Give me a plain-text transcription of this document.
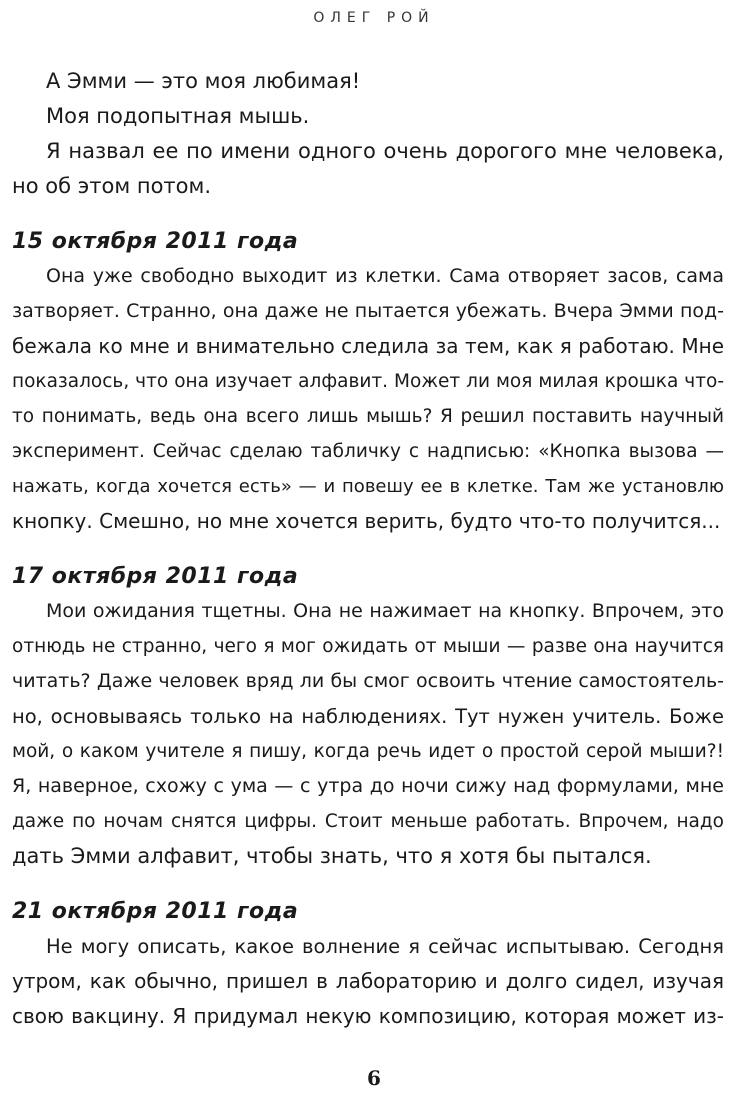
ОЛЕГ РОЙ
А Эмми — это моя любимая!
Моя подопытная мышь.
Я назвал ее по имени одного очень дорогого мне человека,
но об этом потом.
15 октября 2011 года
Она уже свободно выходит из клетки. Сама отворяет засов, сама
затворяет. Странно, она даже не пытается убежать. Вчера Эмми под-
бежала ко мне и внимательно следила за тем, как я работаю. Мне
показалось, что она изучает алфавит. Может ли моя милая крошка что-
то понимать, ведь она всего лишь мышь? Я решил поставить научный
эксперимент. Сейчас сделаю табличку с надписью: «Кнопка вызова —
нажать, когда хочется есть» — и повешу ее в клетке. Там же установлю
кнопку. Смешно, но мне хочется верить, будто что-то получится...
17 октября 2011 года
Мои ожидания тщетны. Она не нажимает на кнопку. Впрочем, это
отнюдь не странно, чего я мог ожидать от мыши — разве она научится
читать? Даже человек вряд ли бы смог освоить чтение самостоятель-
но, основываясь только на наблюдениях. Тут нужен учитель. Боже
мой, о каком учителе я пишу, когда речь идет о простой серой мыши?!
Я, наверное, схожу с ума — с утра до ночи сижу над формулами, мне
даже по ночам снятся цифры. Стоит меньше работать. Впрочем, надо
дать Эмми алфавит, чтобы знать, что я хотя бы пытался.
21 октября 2011 года
Не могу описать, какое волнение я сейчас испытываю. Сегодня
утром, как обычно, пришел в лабораторию и долго сидел, изучая
свою вакцину. Я придумал некую композицию, которая может из-
6
